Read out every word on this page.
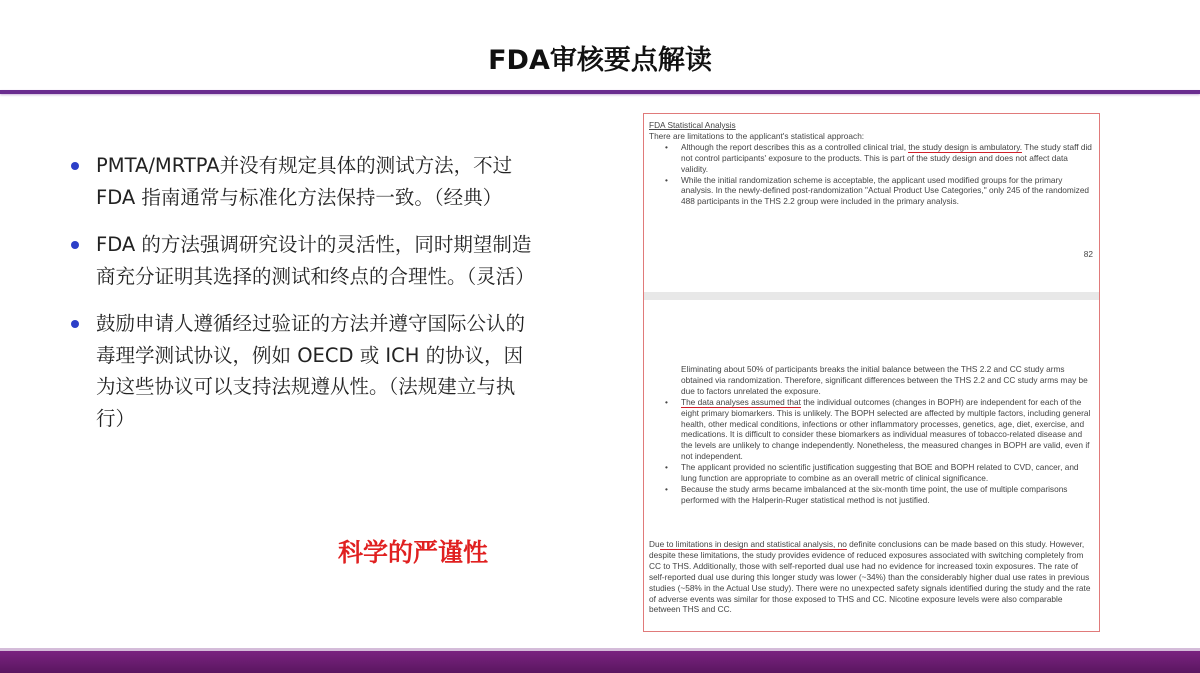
FDA审核要点解读
PMTA/MRTPA并没有规定具体的测试方法，不过FDA 指南通常与标准化方法保持一致。（经典）
FDA 的方法强调研究设计的灵活性，同时期望制造商充分证明其选择的测试和终点的合理性。（灵活）
鼓励申请人遵循经过验证的方法并遵守国际公认的毒理学测试协议，例如 OECD 或 ICH 的协议，因为这些协议可以支持法规遵从性。（法规建立与执行）
科学的严谨性
FDA Statistical Analysis
There are limitations to the applicant's statistical approach:
• Although the report describes this as a controlled clinical trial, the study design is ambulatory. The study staff did not control participants' exposure to the products. This is part of the study design and does not affect data validity.
• While the initial randomization scheme is acceptable, the applicant used modified groups for the primary analysis. In the newly-defined post-randomization "Actual Product Use Categories," only 245 of the randomized 488 participants in the THS 2.2 group were included in the primary analysis.
82
Eliminating about 50% of participants breaks the initial balance between the THS 2.2 and CC study arms obtained via randomization. Therefore, significant differences between the THS 2.2 and CC study arms may be due to factors unrelated the exposure.
• The data analyses assumed that the individual outcomes (changes in BOPH) are independent for each of the eight primary biomarkers. This is unlikely. The BOPH selected are affected by multiple factors, including general health, other medical conditions, infections or other inflammatory processes, genetics, age, diet, exercise, and medications. It is difficult to consider these biomarkers as individual measures of tobacco-related disease and the levels are unlikely to change independently. Nonetheless, the measured changes in BOPH are valid, even if not independent.
• The applicant provided no scientific justification suggesting that BOE and BOPH related to CVD, cancer, and lung function are appropriate to combine as an overall metric of clinical significance.
• Because the study arms became imbalanced at the six-month time point, the use of multiple comparisons performed with the Halperin-Ruger statistical method is not justified.
Due to limitations in design and statistical analysis, no definite conclusions can be made based on this study. However, despite these limitations, the study provides evidence of reduced exposures associated with switching completely from CC to THS. Additionally, those with self-reported dual use had no evidence for increased toxin exposures. The rate of self-reported dual use during this longer study was lower (~34%) than the considerably higher dual use rates in previous studies (~58% in the Actual Use study). There were no unexpected safety signals identified during the study and the rate of adverse events was similar for those exposed to THS and CC. Nicotine exposure levels were also comparable between THS and CC.
